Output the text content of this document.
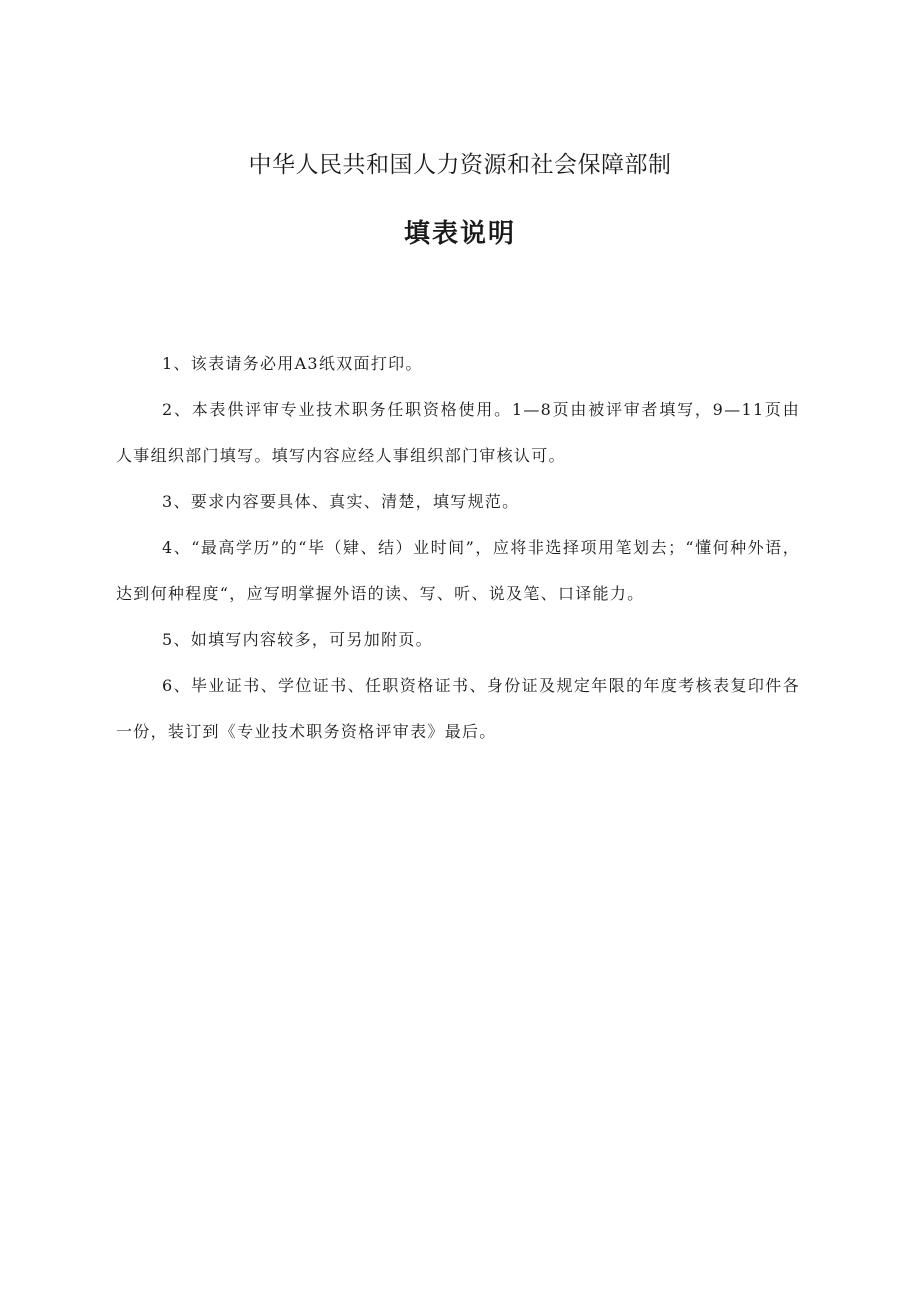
中华人民共和国人力资源和社会保障部制
填表说明
1、该表请务必用A3纸双面打印。
2、本表供评审专业技术职务任职资格使用。1—8页由被评审者填写，9—11页由人事组织部门填写。填写内容应经人事组织部门审核认可。
3、要求内容要具体、真实、清楚，填写规范。
4、“最高学历”的“毕（肄、结）业时间”，应将非选择项用笔划去；“懂何种外语，达到何种程度“，应写明掌握外语的读、写、听、说及笔、口译能力。
5、如填写内容较多，可另加附页。
6、毕业证书、学位证书、任职资格证书、身份证及规定年限的年度考核表复印件各一份，装订到《专业技术职务资格评审表》最后。
